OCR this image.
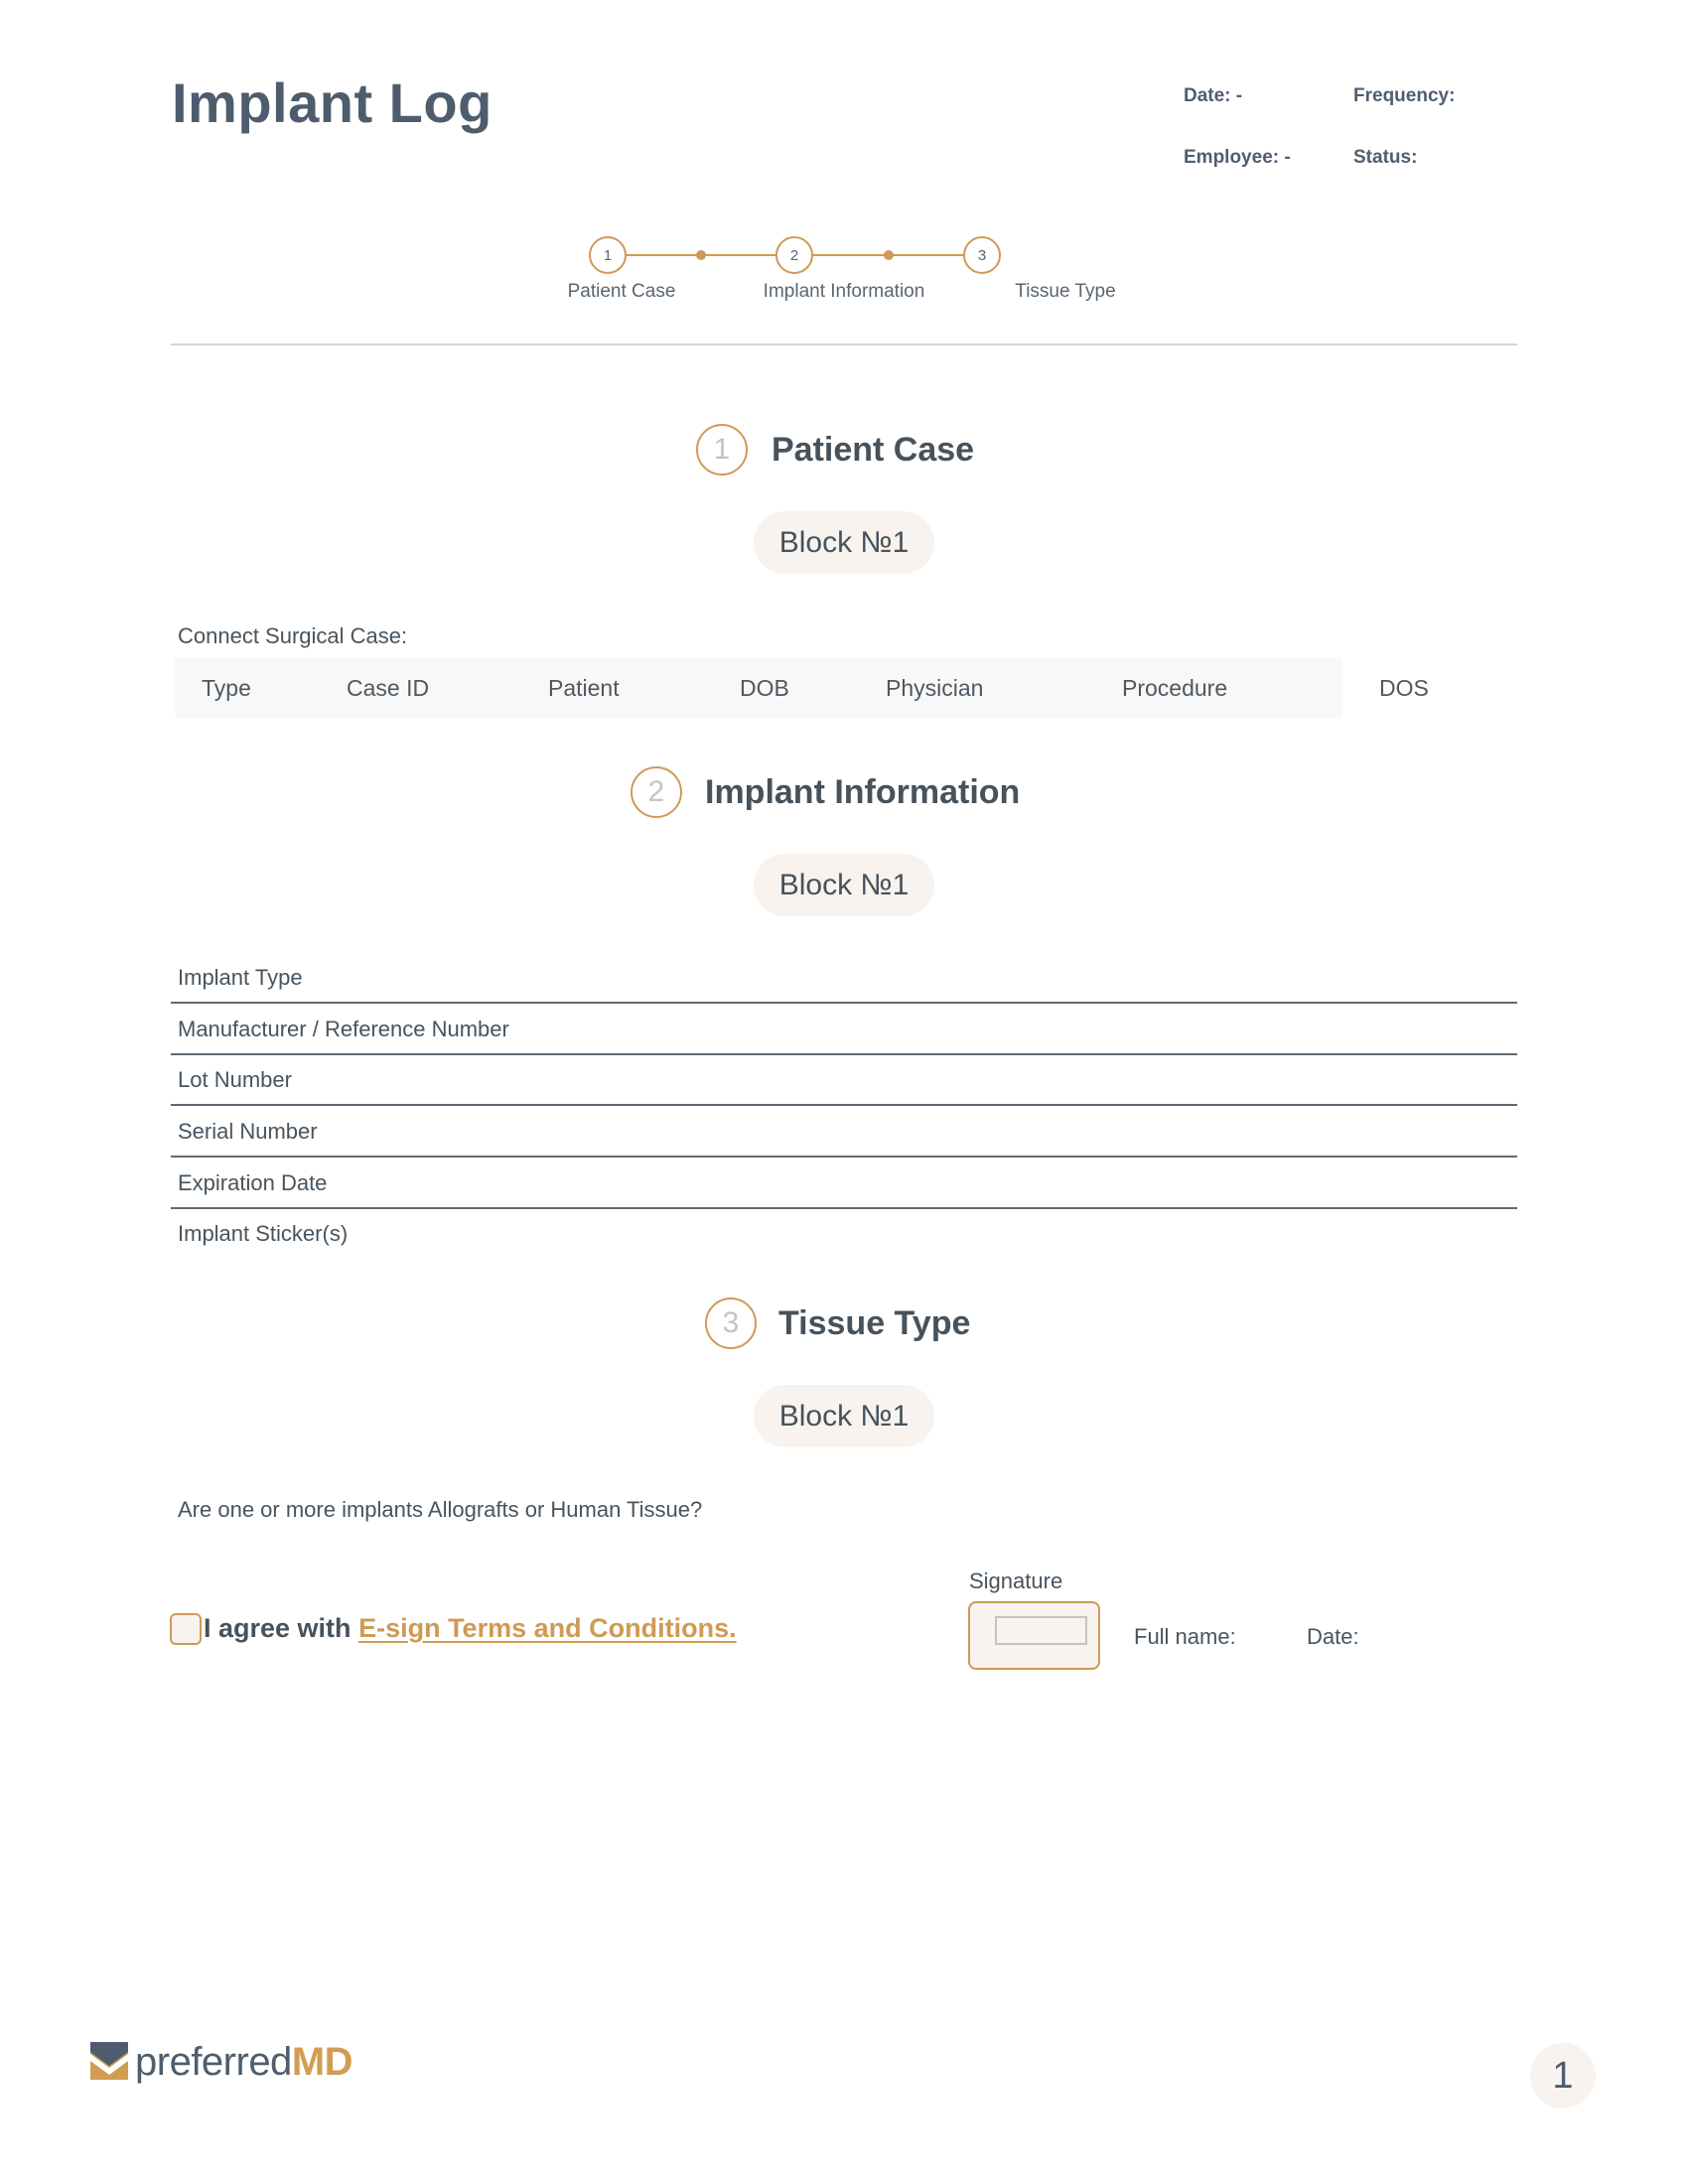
Implant Log	Date: -	Frequency:
Employee: -	Status:
1	2	3
Patient Case	Implant Information	Tissue Type
1	Patient Case
Block №1
Connect Surgical Case:
Type	Case ID	Patient	DOB	Physician	Procedure	DOS
2	Implant Information
Block №1
Implant Type
Manufacturer / Reference Number
Lot Number
Serial Number
Expiration Date
Implant Sticker(s)
3	Tissue Type
Block №1
Are one or more implants Allografts or Human Tissue?
I agree with E-sign Terms and Conditions.
Signature
Full name:	Date:
preferredMD	1
